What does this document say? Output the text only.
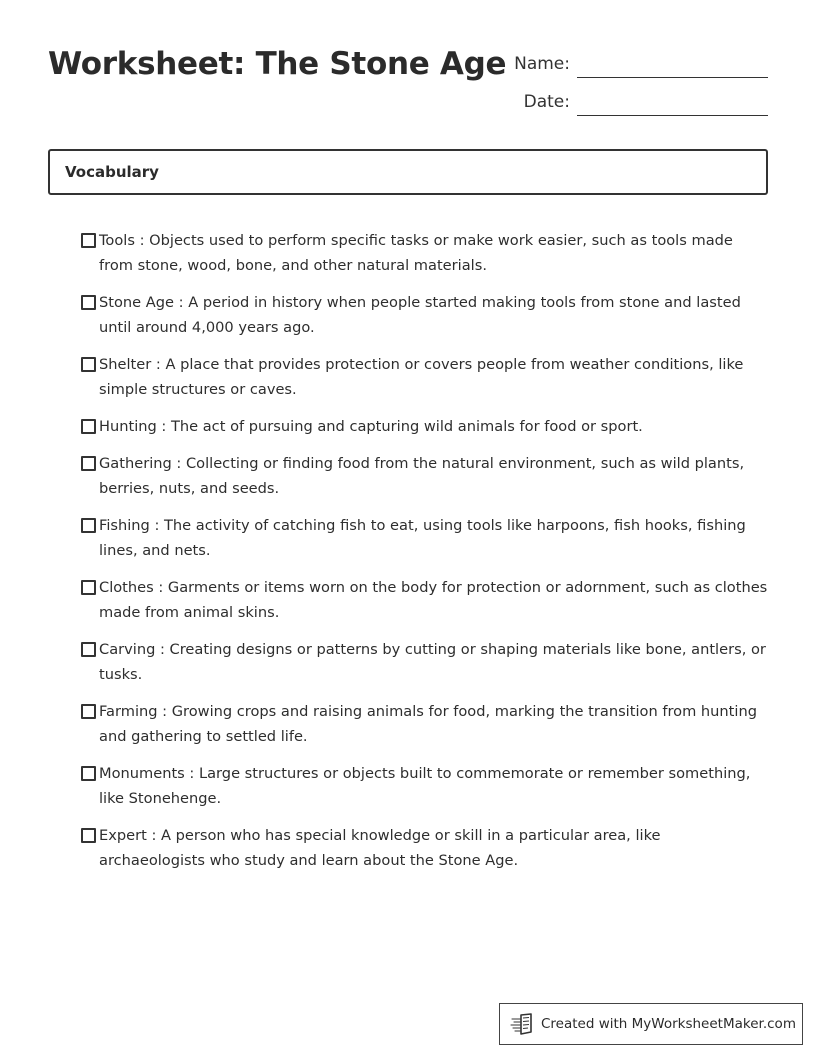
Worksheet: The Stone Age Name:
Date:
Vocabulary
Tools : Objects used to perform specific tasks or make work easier, such as tools made from stone, wood, bone, and other natural materials.
Stone Age : A period in history when people started making tools from stone and lasted until around 4,000 years ago.
Shelter : A place that provides protection or covers people from weather conditions, like simple structures or caves.
Hunting : The act of pursuing and capturing wild animals for food or sport.
Gathering : Collecting or finding food from the natural environment, such as wild plants, berries, nuts, and seeds.
Fishing : The activity of catching fish to eat, using tools like harpoons, fish hooks, fishing lines, and nets.
Clothes : Garments or items worn on the body for protection or adornment, such as clothes made from animal skins.
Carving : Creating designs or patterns by cutting or shaping materials like bone, antlers, or tusks.
Farming : Growing crops and raising animals for food, marking the transition from hunting and gathering to settled life.
Monuments : Large structures or objects built to commemorate or remember something, like Stonehenge.
Expert : A person who has special knowledge or skill in a particular area, like archaeologists who study and learn about the Stone Age.
Created with MyWorksheetMaker.com
